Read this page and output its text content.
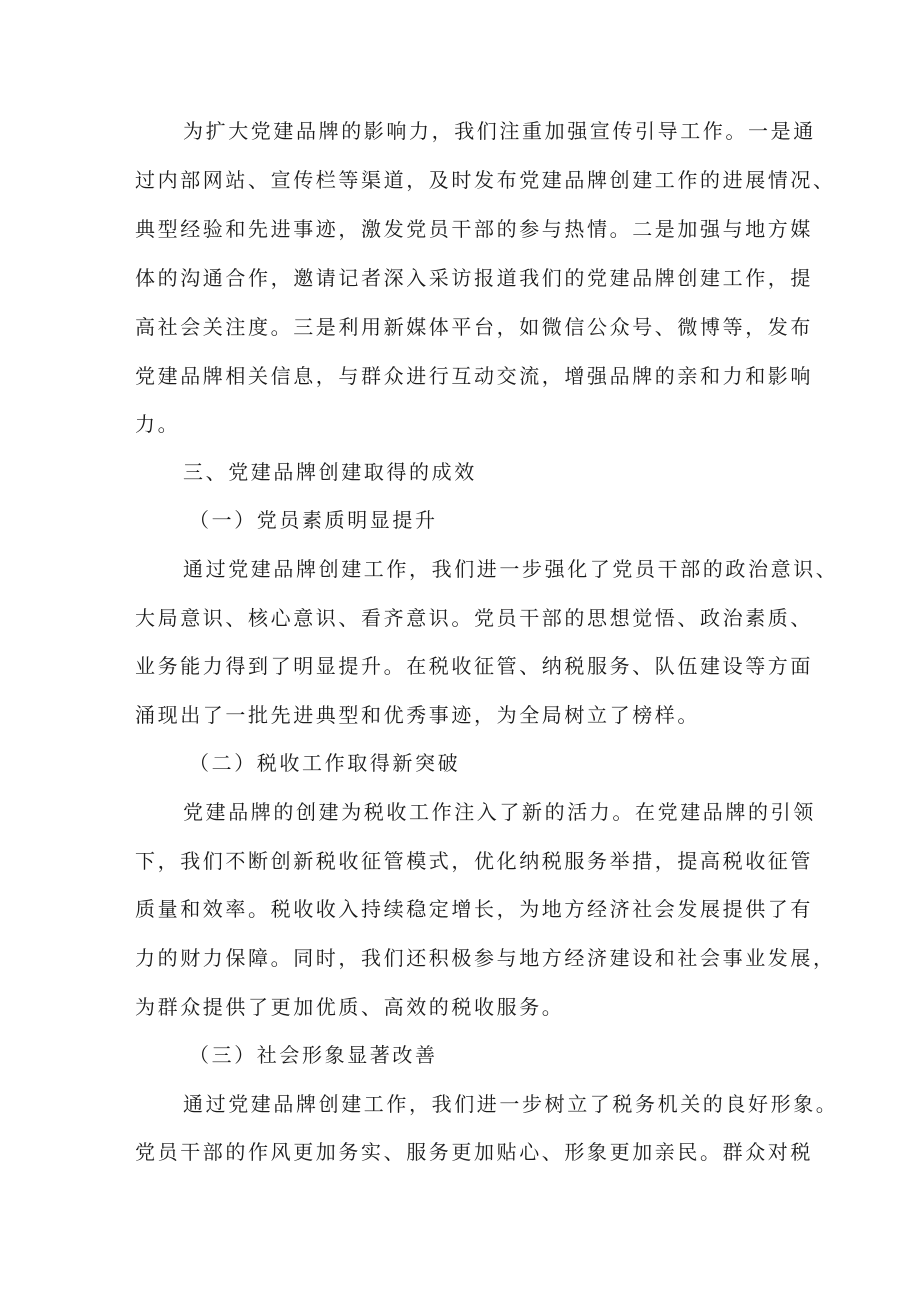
为扩大党建品牌的影响力，我们注重加强宣传引导工作。一是通
过内部网站、宣传栏等渠道，及时发布党建品牌创建工作的进展情况、
典型经验和先进事迹，激发党员干部的参与热情。二是加强与地方媒
体的沟通合作，邀请记者深入采访报道我们的党建品牌创建工作，提
高社会关注度。三是利用新媒体平台，如微信公众号、微博等，发布
党建品牌相关信息，与群众进行互动交流，增强品牌的亲和力和影响
力。
三、党建品牌创建取得的成效
（一）党员素质明显提升
通过党建品牌创建工作，我们进一步强化了党员干部的政治意识、
大局意识、核心意识、看齐意识。党员干部的思想觉悟、政治素质、
业务能力得到了明显提升。在税收征管、纳税服务、队伍建设等方面
涌现出了一批先进典型和优秀事迹，为全局树立了榜样。
（二）税收工作取得新突破
党建品牌的创建为税收工作注入了新的活力。在党建品牌的引领
下，我们不断创新税收征管模式，优化纳税服务举措，提高税收征管
质量和效率。税收收入持续稳定增长，为地方经济社会发展提供了有
力的财力保障。同时，我们还积极参与地方经济建设和社会事业发展，
为群众提供了更加优质、高效的税收服务。
（三）社会形象显著改善
通过党建品牌创建工作，我们进一步树立了税务机关的良好形象。
党员干部的作风更加务实、服务更加贴心、形象更加亲民。群众对税
